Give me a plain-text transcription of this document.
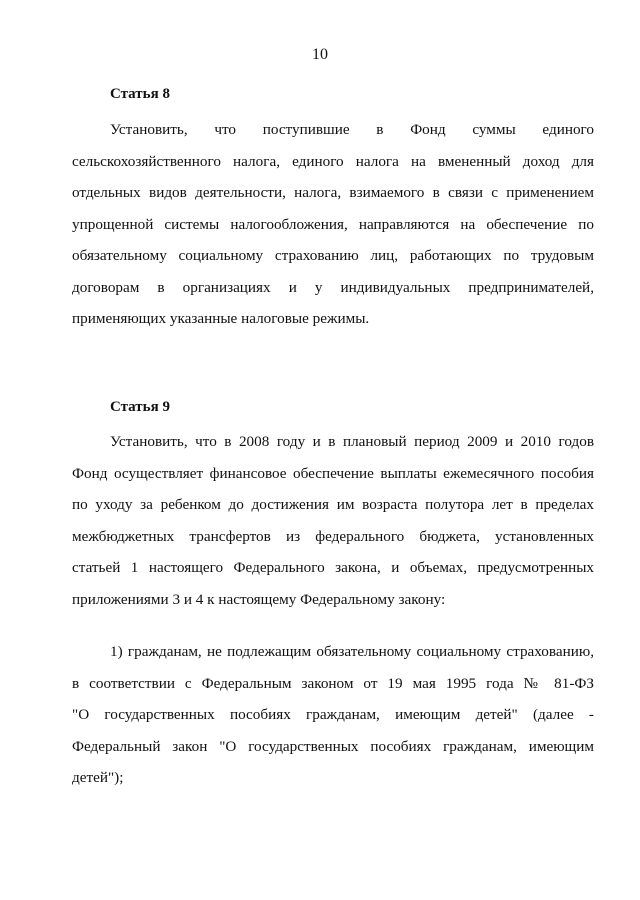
10
Статья 8
Установить, что поступившие в Фонд суммы единого
сельскохозяйственного налога, единого налога на вмененный доход для
отдельных видов деятельности, налога, взимаемого в связи с применением
упрощенной системы налогообложения, направляются на обеспечение по
обязательному социальному страхованию лиц, работающих по трудовым
договорам в организациях и у индивидуальных предпринимателей,
применяющих указанные налоговые режимы.
Статья 9
Установить, что в 2008 году и в плановый период 2009 и 2010 годов
Фонд осуществляет финансовое обеспечение выплаты ежемесячного пособия
по уходу за ребенком до достижения им возраста полутора лет в пределах
межбюджетных трансфертов из федерального бюджета, установленных
статьей 1 настоящего Федерального закона, и объемах, предусмотренных
приложениями 3 и 4 к настоящему Федеральному закону:
1) гражданам, не подлежащим обязательному социальному страхованию,
в соответствии с Федеральным законом от 19 мая 1995 года № 81-ФЗ
"О государственных пособиях гражданам, имеющим детей" (далее -
Федеральный закон "О государственных пособиях гражданам, имеющим
детей");
